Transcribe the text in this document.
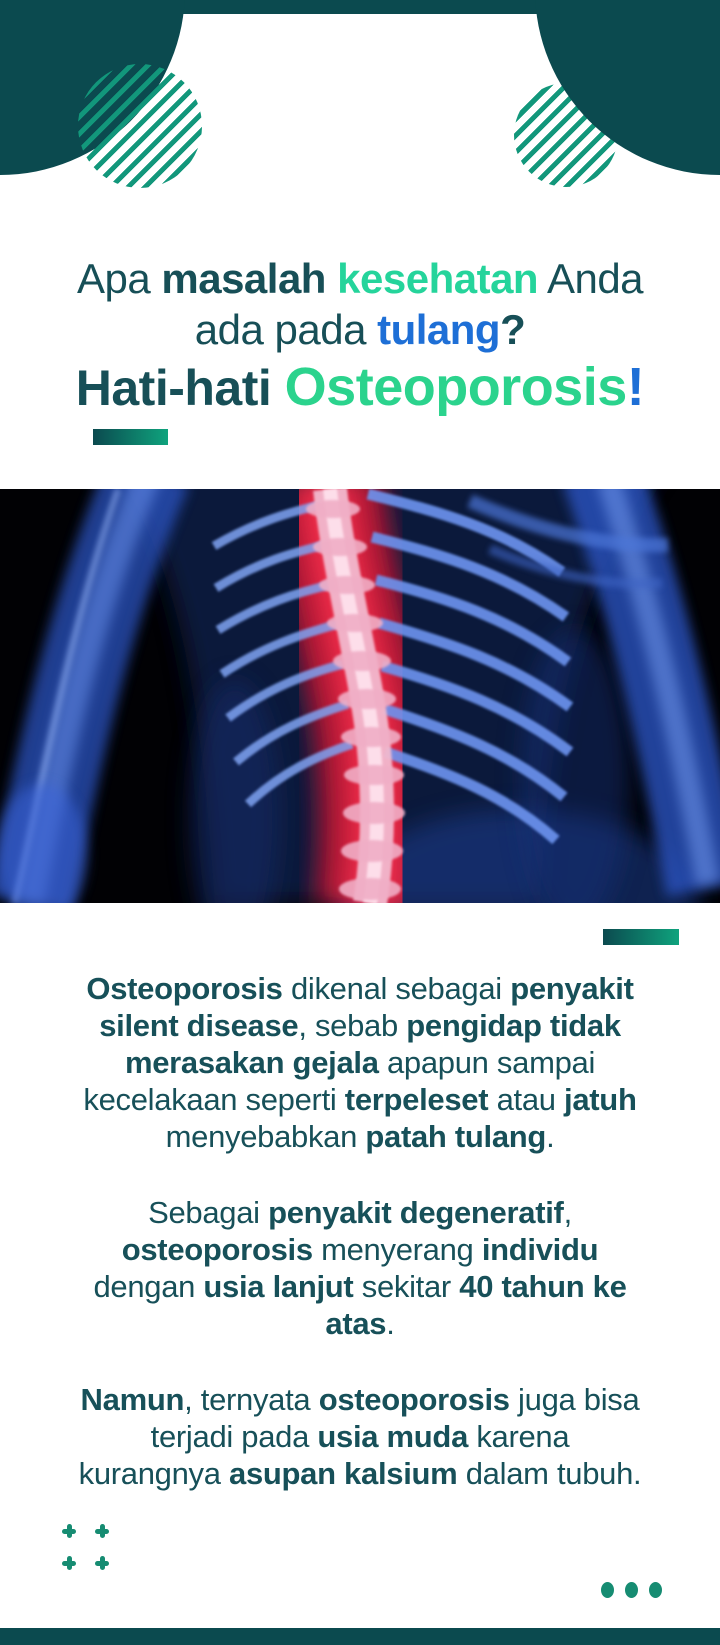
Apa masalah kesehatan Anda
ada pada tulang?
Hati-hati Osteoporosis!
Osteoporosis dikenal sebagai penyakit
silent disease, sebab pengidap tidak
merasakan gejala apapun sampai
kecelakaan seperti terpeleset atau jatuh
menyebabkan patah tulang.
Sebagai penyakit degeneratif,
osteoporosis menyerang individu
dengan usia lanjut sekitar 40 tahun ke
atas.
Namun, ternyata osteoporosis juga bisa
terjadi pada usia muda karena
kurangnya asupan kalsium dalam tubuh.
